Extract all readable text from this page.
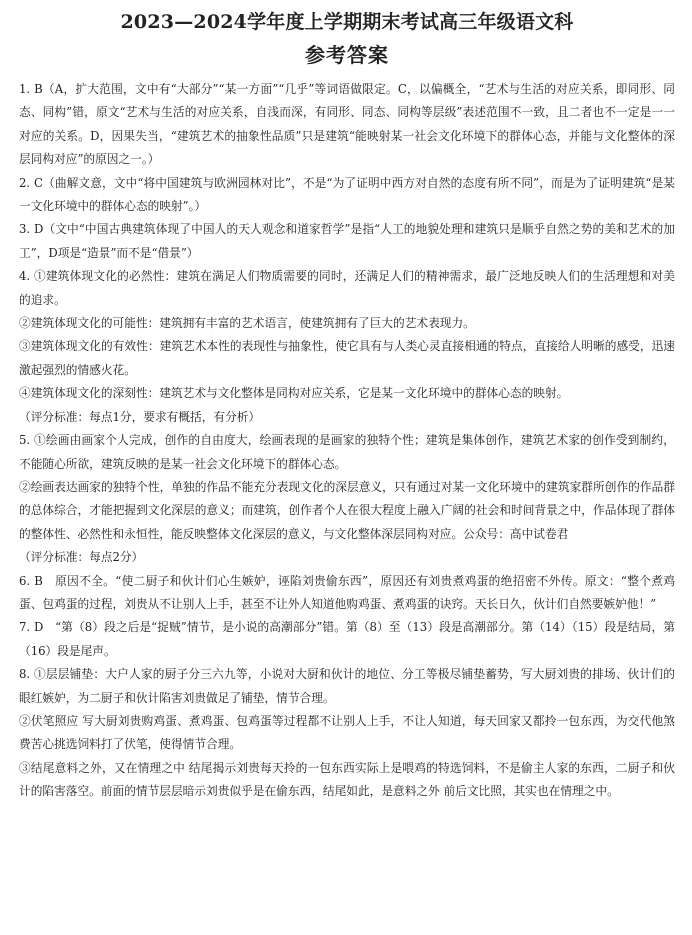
2023—2024学年度上学期期末考试高三年级语文科
参考答案

1. B（A，扩大范围，文中有“大部分”“某一方面”“几乎”等词语做限定。C，以偏概全，“艺术与生活的对应关系，即同形、同态、同构”错，原文“艺术与生活的对应关系，自浅而深，有同形、同态、同构等层级”表述范围不一致，且二者也不一定是一一对应的关系。D，因果失当，“建筑艺术的抽象性品质”只是建筑“能映射某一社会文化环境下的群体心态，并能与文化整体的深层同构对应”的原因之一。）

2. C（曲解文意，文中“将中国建筑与欧洲园林对比”，不是“为了证明中西方对自然的态度有所不同”，而是为了证明建筑“是某一文化环境中的群体心态的映射”。）

3. D（文中“中国古典建筑体现了中国人的天人观念和道家哲学”是指“人工的地貌处理和建筑只是顺乎自然之势的美和艺术的加工”，D项是“造景”而不是“借景”）

4. ①建筑体现文化的必然性：建筑在满足人们物质需要的同时，还满足人们的精神需求，最广泛地反映人们的生活理想和对美的追求。

②建筑体现文化的可能性：建筑拥有丰富的艺术语言，使建筑拥有了巨大的艺术表现力。

③建筑体现文化的有效性：建筑艺术本性的表现性与抽象性，使它具有与人类心灵直接相通的特点，直接给人明晰的感受，迅速激起强烈的情感火花。

④建筑体现文化的深刻性：建筑艺术与文化整体是同构对应关系，它是某一文化环境中的群体心态的映射。

（评分标准：每点1分，要求有概括，有分析）

5. ①绘画由画家个人完成，创作的自由度大，绘画表现的是画家的独特个性；建筑是集体创作，建筑艺术家的创作受到制约，不能随心所欲，建筑反映的是某一社会文化环境下的群体心态。

②绘画表达画家的独特个性，单独的作品不能充分表现文化的深层意义，只有通过对某一文化环境中的建筑家群所创作的作品群的总体综合，才能把握到文化深层的意义；而建筑，创作者个人在很大程度上融入广阔的社会和时间背景之中，作品体现了群体的整体性、必然性和永恒性，能反映整体文化深层的意义，与文化整体深层同构对应。公众号：高中试卷君

（评分标准：每点2分）

6. B　原因不全。“使二厨子和伙计们心生嫉妒，诬陷刘贵偷东西”，原因还有刘贵煮鸡蛋的绝招密不外传。原文：“整个煮鸡蛋、包鸡蛋的过程，刘贵从不让别人上手，甚至不让外人知道他购鸡蛋、煮鸡蛋的诀窍。天长日久，伙计们自然要嫉妒他！”

7. D　“第（8）段之后是“捉贼”情节，是小说的高潮部分”错。第（8）至（13）段是高潮部分。第（14）（15）段是结局，第（16）段是尾声。

8. ①层层铺垫：大户人家的厨子分三六九等，小说对大厨和伙计的地位、分工等极尽铺垫蓄势，写大厨刘贵的排场、伙计们的眼红嫉妒，为二厨子和伙计陷害刘贵做足了铺垫，情节合理。

②伏笔照应 写大厨刘贵购鸡蛋、煮鸡蛋、包鸡蛋等过程都不让别人上手，不让人知道，每天回家又都拎一包东西，为交代他煞费苦心挑选饲料打了伏笔，使得情节合理。

③结尾意料之外，又在情理之中 结尾揭示刘贵每天拎的一包东西实际上是喂鸡的特选饲料，不是偷主人家的东西，二厨子和伙计的陷害落空。前面的情节层层暗示刘贵似乎是在偷东西，结尾如此，是意料之外 前后文比照，其实也在情理之中。
